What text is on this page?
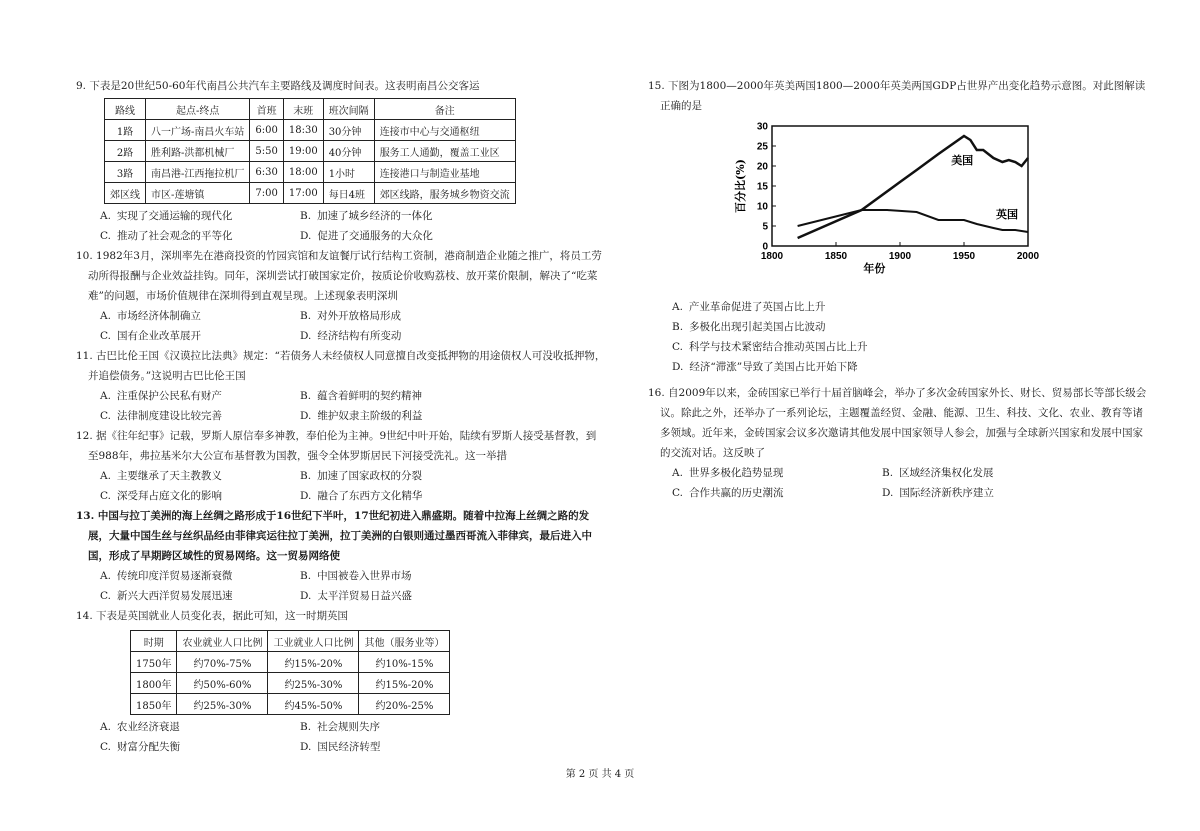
9. 下表是20世纪50-60年代南昌公共汽车主要路线及调度时间表。这表明南昌公交客运

路线	起点-终点	首班	末班	班次间隔	备注
1路	八一广场-南昌火车站	6:00	18:30	30分钟	连接市中心与交通枢纽
2路	胜利路-洪都机械厂	5:50	19:00	40分钟	服务工人通勤，覆盖工业区
3路	南昌港-江西拖拉机厂	6:30	18:00	1小时	连接港口与制造业基地
郊区线	市区-莲塘镇	7:00	17:00	每日4班	郊区线路，服务城乡物资交流
A. 实现了交通运输的现代化	B. 加速了城乡经济的一体化
C. 推动了社会观念的平等化	D. 促进了交通服务的大众化

10. 1982年3月，深圳率先在港商投资的竹园宾馆和友谊餐厅试行结构工资制，港商制造企业随之推广，将员工劳动所得报酬与企业效益挂钩。同年，深圳尝试打破国家定价，按质论价收购荔枝、放开菜价限制，解决了“吃菜难”的问题，市场价值规律在深圳得到直观呈现。上述现象表明深圳

A. 市场经济体制确立	B. 对外开放格局形成
C. 国有企业改革展开	D. 经济结构有所变动

11. 古巴比伦王国《汉谟拉比法典》规定：“若债务人未经债权人同意擅自改变抵押物的用途债权人可没收抵押物，并追偿债务。”这说明古巴比伦王国

A. 注重保护公民私有财产	B. 蕴含着鲜明的契约精神
C. 法律制度建设比较完善	D. 维护奴隶主阶级的利益

12. 据《往年纪事》记载，罗斯人原信奉多神教，奉伯伦为主神。9世纪中叶开始，陆续有罗斯人接受基督教，到至988年，弗拉基米尔大公宣布基督教为国教，强令全体罗斯居民下河接受洗礼。这一举措

A. 主要继承了天主教教义	B. 加速了国家政权的分裂
C. 深受拜占庭文化的影响	D. 融合了东西方文化精华

13. 中国与拉丁美洲的海上丝绸之路形成于16世纪下半叶，17世纪初进入鼎盛期。随着中拉海上丝绸之路的发展，大量中国生丝与丝织品经由菲律宾运往拉丁美洲，拉丁美洲的白银则通过墨西哥流入菲律宾，最后进入中国，形成了早期跨区域性的贸易网络。这一贸易网络使

A. 传统印度洋贸易逐渐衰微	B. 中国被卷入世界市场
C. 新兴大西洋贸易发展迅速	D. 太平洋贸易日益兴盛

14. 下表是英国就业人员变化表，据此可知，这一时期英国

时期	农业就业人口比例	工业就业人口比例	其他（服务业等）
1750年	约70%-75%	约15%-20%	约10%-15%
1800年	约50%-60%	约25%-30%	约15%-20%
1850年	约25%-30%	约45%-50%	约20%-25%
A. 农业经济衰退	B. 社会规则失序
C. 财富分配失衡	D. 国民经济转型

15. 下图为1800—2000年英美两国1800—2000年英美两国GDP占世界产出变化趋势示意图。对此图解读正确的是

1800	1850	1900	1950	2000
0
5
10
15
20
25
30
年份
百分比(%)	美国
英国
A. 产业革命促进了英国占比上升
B. 多极化出现引起美国占比波动
C. 科学与技术紧密结合推动英国占比上升
D. 经济“滞涨”导致了美国占比开始下降

16. 自2009年以来，金砖国家已举行十届首脑峰会，举办了多次金砖国家外长、财长、贸易部长等部长级会议。除此之外，还举办了一系列论坛，主题覆盖经贸、金融、能源、卫生、科技、文化、农业、教育等诸多领域。近年来，金砖国家会议多次邀请其他发展中国家领导人参会，加强与全球新兴国家和发展中国家的交流对话。这反映了

A. 世界多极化趋势显现	B. 区域经济集权化发展
C. 合作共赢的历史潮流	D. 国际经济新秩序建立
第 2 页 共 4 页
